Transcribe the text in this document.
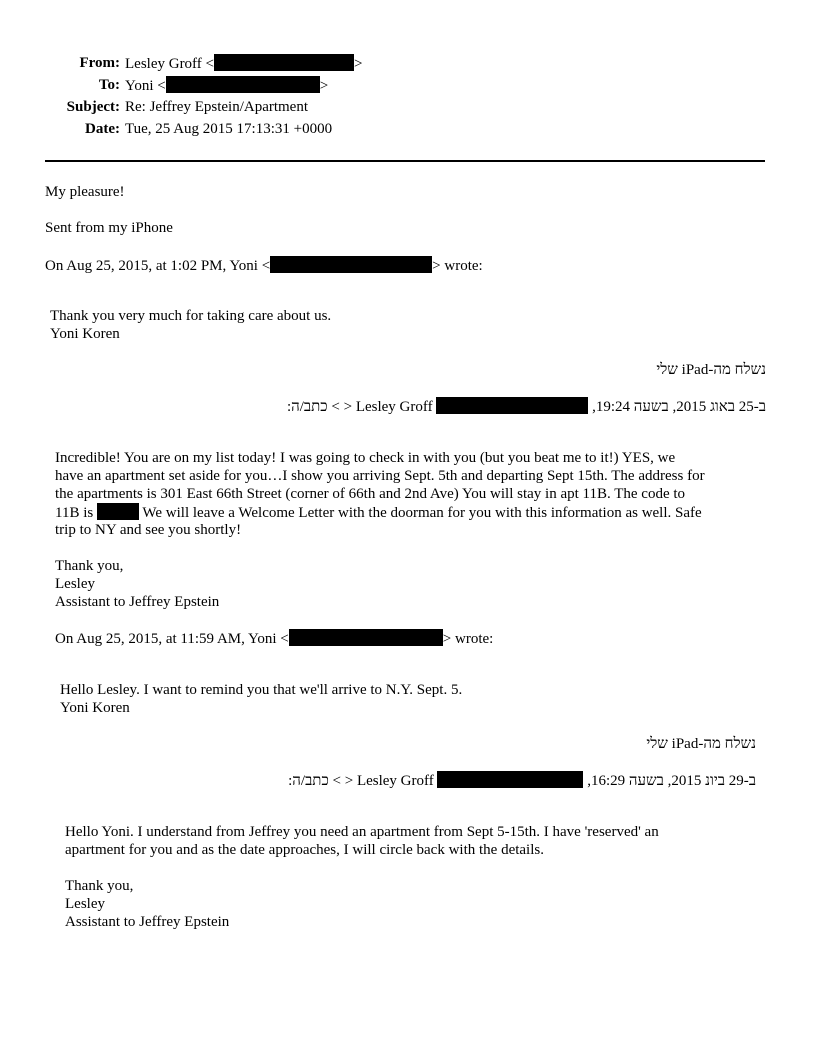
From: Lesley Groff <	>
To: Yoni <	>
Subject: Re: Jeffrey Epstein/Apartment
Date: Tue, 25 Aug 2015 17:13:31 +0000
My pleasure!
Sent from my iPhone
On Aug 25, 2015, at 1:02 PM, Yoni <	> wrote:
Thank you very much for taking care about us.
Yoni Koren
נשלח מה-iPad שלי
ב-25 באוג 2015, בשעה 19:24,  Lesley Groff < > כתב/ה:
Incredible! You are on my list today! I was going to check in with you (but you beat me to it!) YES, we
have an apartment set aside for you…I show you arriving Sept. 5th and departing Sept 15th. The address for
the apartments is 301 East 66th Street (corner of 66th and 2nd Ave) You will stay in apt 11B. The code to
11B is	We will leave a Welcome Letter with the doorman for you with this information as well. Safe
trip to NY and see you shortly!
Thank you,
Lesley
Assistant to Jeffrey Epstein
On Aug 25, 2015, at 11:59 AM, Yoni <	> wrote:
Hello Lesley. I want to remind you that we'll arrive to N.Y. Sept. 5.
Yoni Koren
נשלח מה-iPad שלי
ב-29 ביונ 2015, בשעה 16:29,  Lesley Groff < > כתב/ה:
Hello Yoni. I understand from Jeffrey you need an apartment from Sept 5-15th. I have 'reserved' an
apartment for you and as the date approaches, I will circle back with the details.
Thank you,
Lesley
Assistant to Jeffrey Epstein
